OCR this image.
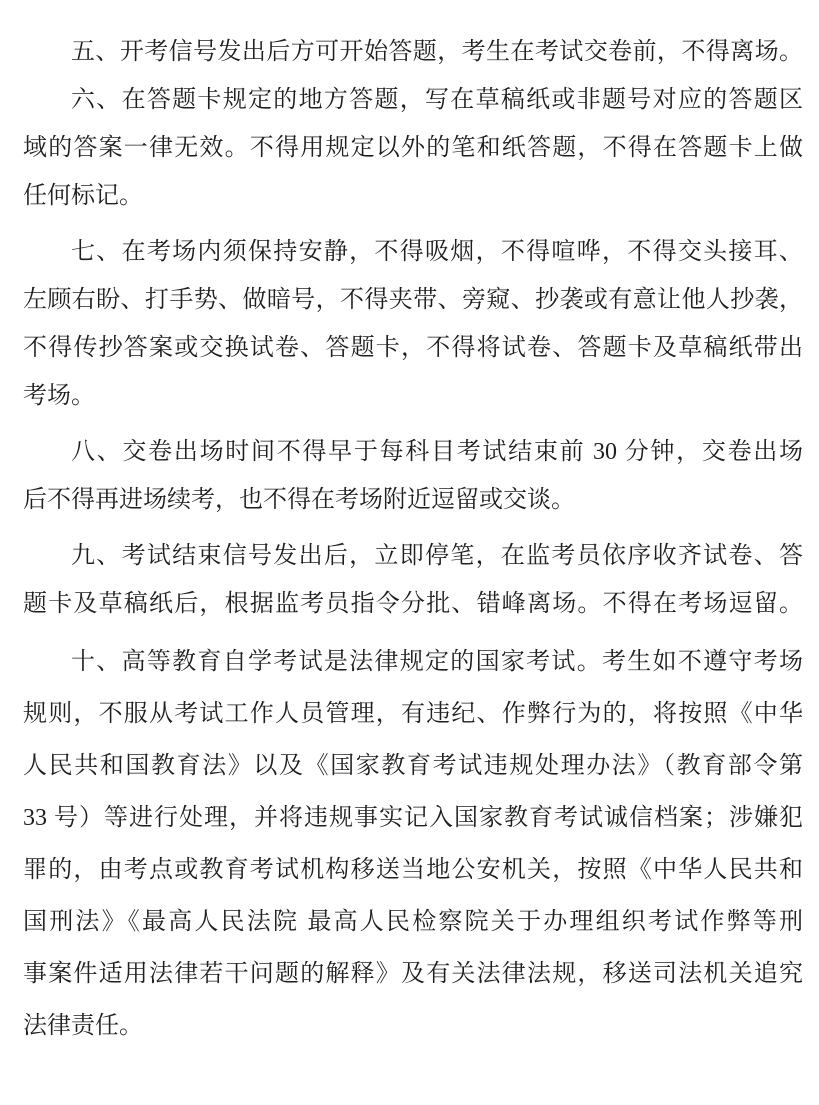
五、开考信号发出后方可开始答题，考生在考试交卷前，不得离场。
六、在答题卡规定的地方答题，写在草稿纸或非题号对应的答题区
域的答案一律无效。不得用规定以外的笔和纸答题，不得在答题卡上做
任何标记。
七、在考场内须保持安静，不得吸烟，不得喧哗，不得交头接耳、
左顾右盼、打手势、做暗号，不得夹带、旁窥、抄袭或有意让他人抄袭，
不得传抄答案或交换试卷、答题卡，不得将试卷、答题卡及草稿纸带出
考场。
八、交卷出场时间不得早于每科目考试结束前 30 分钟，交卷出场
后不得再进场续考，也不得在考场附近逗留或交谈。
九、考试结束信号发出后，立即停笔，在监考员依序收齐试卷、答
题卡及草稿纸后，根据监考员指令分批、错峰离场。不得在考场逗留。
十、高等教育自学考试是法律规定的国家考试。考生如不遵守考场
规则，不服从考试工作人员管理，有违纪、作弊行为的，将按照《中华
人民共和国教育法》以及《国家教育考试违规处理办法》（教育部令第
33 号）等进行处理，并将违规事实记入国家教育考试诚信档案；涉嫌犯
罪的，由考点或教育考试机构移送当地公安机关，按照《中华人民共和
国刑法》《最高人民法院 最高人民检察院关于办理组织考试作弊等刑
事案件适用法律若干问题的解释》及有关法律法规，移送司法机关追究
法律责任。
